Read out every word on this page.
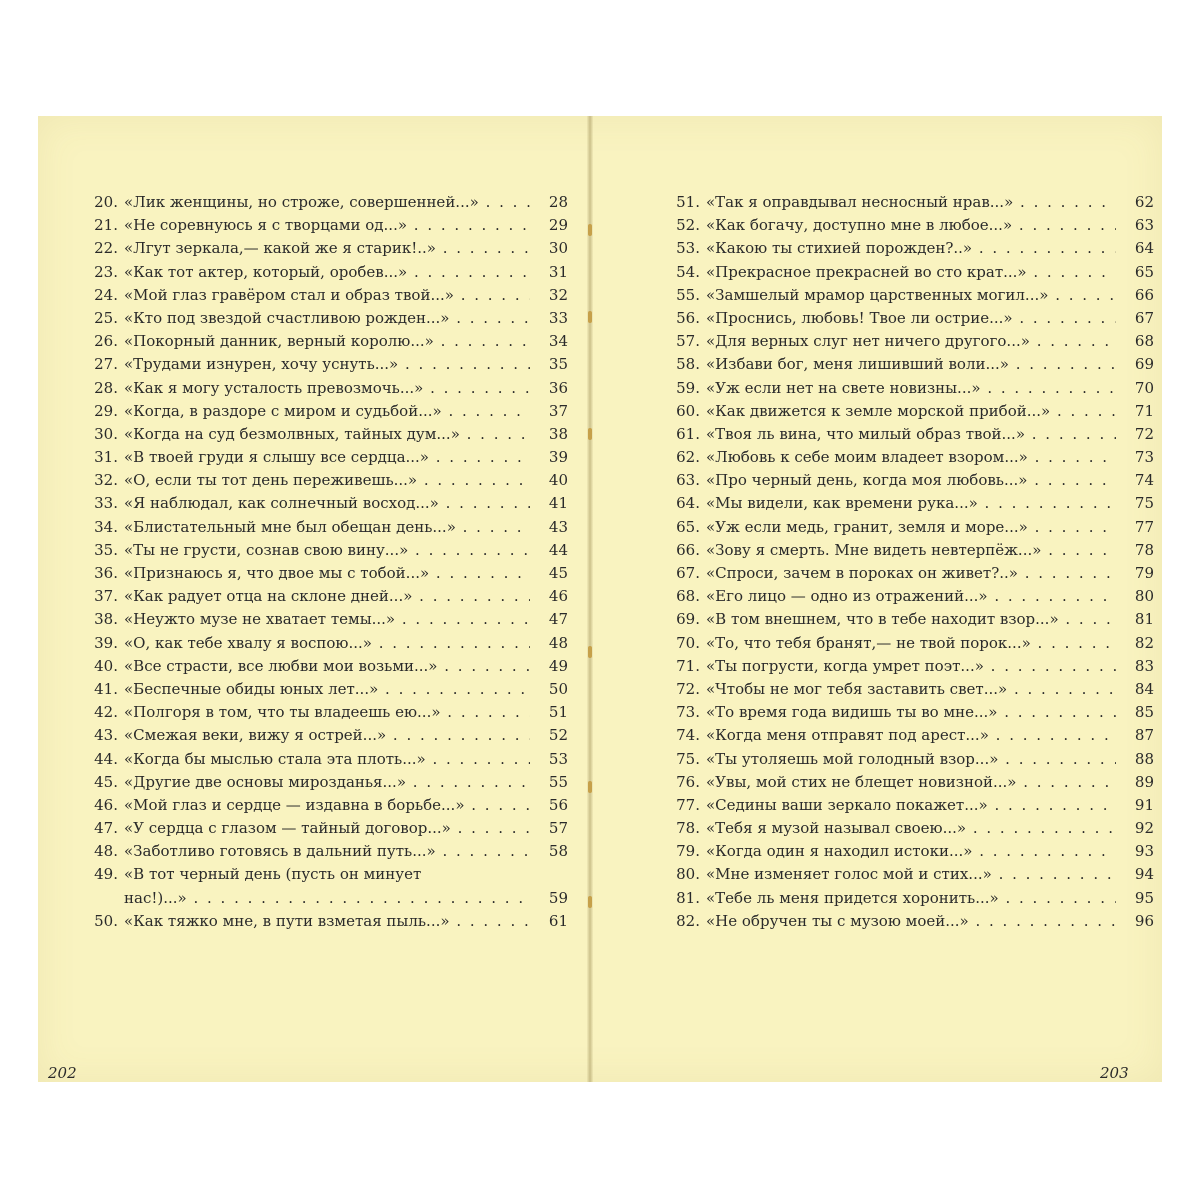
20. «Лик женщины, но строже, совершенней...» . . .	28
21. «Не соревнуюсь я с творцами од...» . . .	29
22. «Лгут зеркала,— какой же я старик!..» . . .	30
23. «Как тот актер, который, оробев...» . . .	31
24. «Мой глаз гравёром стал и образ твой...» . . .	32
25. «Кто под звездой счастливою рожден...» . . .	33
26. «Покорный данник, верный королю...» . . .	34
27. «Трудами изнурен, хочу уснуть...» . . .	35
28. «Как я могу усталость превозмочь...» . . .	36
29. «Когда, в раздоре с миром и судьбой...» . . .	37
30. «Когда на суд безмолвных, тайных дум...» . . .	38
31. «В твоей груди я слышу все сердца...» . . .	39
32. «О, если ты тот день переживешь...» . . .	40
33. «Я наблюдал, как солнечный восход...» . . .	41
34. «Блистательный мне был обещан день...» . . .	43
35. «Ты не грусти, сознав свою вину...» . . .	44
36. «Признаюсь я, что двое мы с тобой...» . . .	45
37. «Как радует отца на склоне дней...» . . .	46
38. «Неужто музе не хватает темы...» . . .	47
39. «О, как тебе хвалу я воспою...» . . .	48
40. «Все страсти, все любви мои возьми...» . . .	49
41. «Беспечные обиды юных лет...» . . .	50
42. «Полгоря в том, что ты владеешь ею...» . . .	51
43. «Смежая веки, вижу я острей...» . . .	52
44. «Когда бы мыслью стала эта плоть...» . . .	53
45. «Другие две основы мирозданья...» . . .	55
46. «Мой глаз и сердце — издавна в борьбе...» . . .	56
47. «У сердца с глазом — тайный договор...» . . .	57
48. «Заботливо готовясь в дальний путь...» . . .	58
49. «В тот черный день (пусть он минует
нас!)...» . . .	59
50. «Как тяжко мне, в пути взметая пыль...» . . .	61
51. «Так я оправдывал несносный нрав...» . . .	62
52. «Как богачу, доступно мне в любое...» . . .	63
53. «Какою ты стихией порожден?..» . . .	64
54. «Прекрасное прекрасней во сто крат...» . . .	65
55. «Замшелый мрамор царственных могил...» . . .	66
56. «Проснись, любовь! Твое ли острие...» . . .	67
57. «Для верных слуг нет ничего другого...» . . .	68
58. «Избави бог, меня лишивший воли...» . . .	69
59. «Уж если нет на свете новизны...» . . .	70
60. «Как движется к земле морской прибой...» . . .	71
61. «Твоя ль вина, что милый образ твой...» . . .	72
62. «Любовь к себе моим владеет взором...» . . .	73
63. «Про черный день, когда моя любовь...» . . .	74
64. «Мы видели, как времени рука...» . . .	75
65. «Уж если медь, гранит, земля и море...» . . .	77
66. «Зову я смерть. Мне видеть невтерпёж...» . . .	78
67. «Спроси, зачем в пороках он живет?..» . . .	79
68. «Его лицо — одно из отражений...» . . .	80
69. «В том внешнем, что в тебе находит взор...» . . .	81
70. «То, что тебя бранят,— не твой порок...» . . .	82
71. «Ты погрусти, когда умрет поэт...» . . .	83
72. «Чтобы не мог тебя заставить свет...» . . .	84
73. «То время года видишь ты во мне...» . . .	85
74. «Когда меня отправят под арест...» . . .	87
75. «Ты утоляешь мой голодный взор...» . . .	88
76. «Увы, мой стих не блещет новизной...» . . .	89
77. «Седины ваши зеркало покажет...» . . .	91
78. «Тебя я музой называл своею...» . . .	92
79. «Когда один я находил истоки...» . . .	93
80. «Мне изменяет голос мой и стих...» . . .	94
81. «Тебе ль меня придется хоронить...» . . .	95
82. «Не обручен ты с музою моей...» . . .	96
202	203
